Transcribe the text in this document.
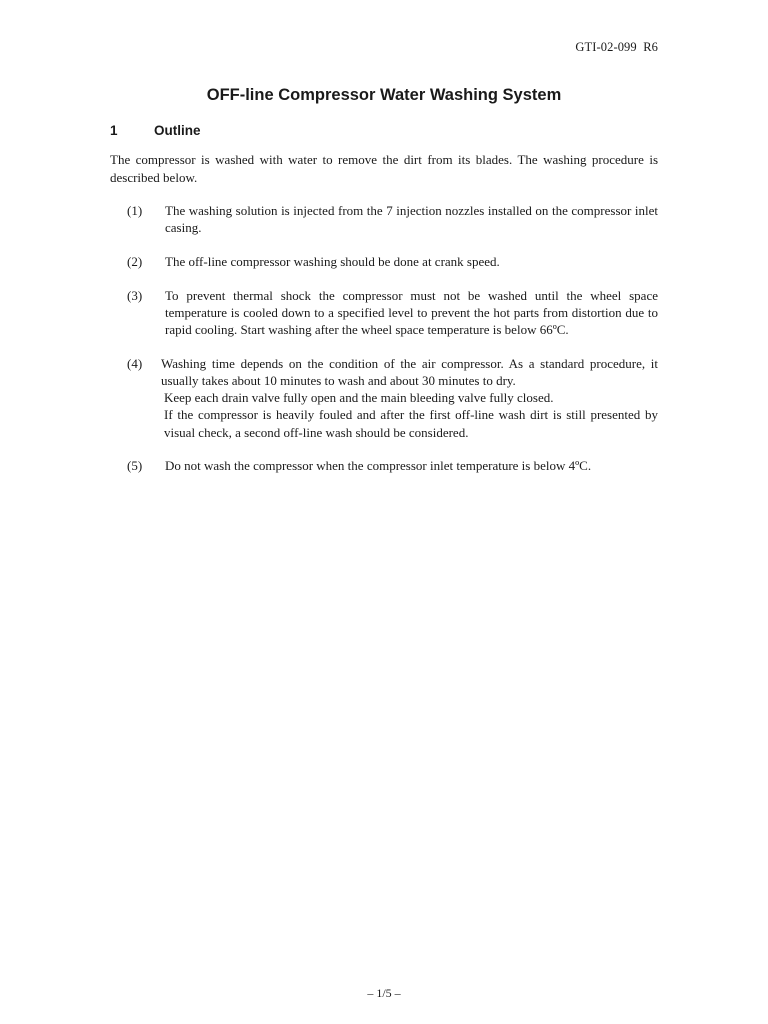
GTI-02-099  R6
OFF-line Compressor Water Washing System
1	Outline

The compressor is washed with water to remove the dirt from its blades. The washing procedure is described below.

(1)	The washing solution is injected from the 7 injection nozzles installed on the compressor inlet casing.
(2)	The off-line compressor washing should be done at crank speed.
(3)	To prevent thermal shock the compressor must not be washed until the wheel space temperature is cooled down to a specified level to prevent the hot parts from distortion due to rapid cooling. Start washing after the wheel space temperature is below 66ºC.
(4)	Washing time depends on the condition of the air compressor. As a standard procedure, it usually takes about 10 minutes to wash and about 30 minutes to dry.
Keep each drain valve fully open and the main bleeding valve fully closed.
If the compressor is heavily fouled and after the first off-line wash dirt is still presented by visual check, a second off-line wash should be considered.
(5)	Do not wash the compressor when the compressor inlet temperature is below 4ºC.
– 1/5 –
